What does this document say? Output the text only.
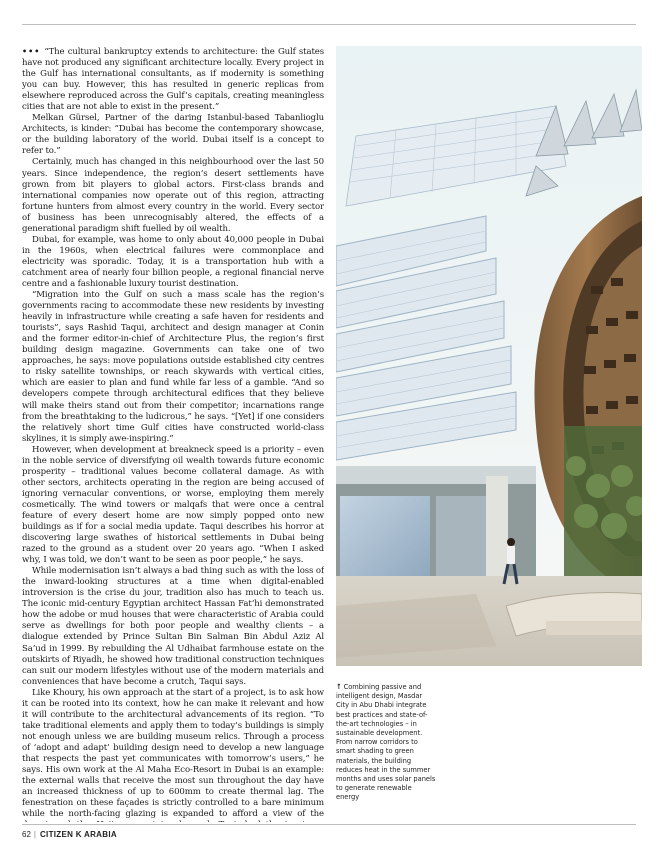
••• “The cultural bankruptcy extends to architecture: the Gulf states have not produced any significant architecture locally. Every project in the Gulf has international consultants, as if modernity is something you can buy. However, this has resulted in generic replicas from elsewhere reproduced across the Gulf’s capitals, creating meaningless cities that are not able to exist in the present.”

Melkan Gürsel, Partner of the daring Istanbul-based Tabanlioglu Architects, is kinder: “Dubai has become the contemporary showcase, or the building laboratory of the world. Dubai itself is a concept to refer to.”

Certainly, much has changed in this neighbourhood over the last 50 years. Since independence, the region’s desert settlements have grown from bit players to global actors. First-class brands and international companies now operate out of this region, attracting fortune hunters from almost every country in the world. Every sector of business has been unrecognisably altered, the effects of a generational paradigm shift fuelled by oil wealth.

Dubai, for example, was home to only about 40,000 people in Dubai in the 1960s, when electrical failures were commonplace and electricity was sporadic. Today, it is a transportation hub with a catchment area of nearly four billion people, a regional financial nerve centre and a fashionable luxury tourist destination.

“Migration into the Gulf on such a mass scale has the region’s governments racing to accommodate these new residents by investing heavily in infrastructure while creating a safe haven for residents and tourists”, says Rashid Taqui, architect and design manager at Conin and the former editor-in-chief of Architecture Plus, the region’s first building design magazine. Governments can take one of two approaches, he says: move populations outside established city centres to risky satellite townships, or reach skywards with vertical cities, which are easier to plan and fund while far less of a gamble. “And so developers compete through architectural edifices that they believe will make theirs stand out from their competitor; incarnations range from the breathtaking to the ludicrous,” he says. “[Yet] if one considers the relatively short time Gulf cities have constructed world-class skylines, it is simply awe-inspiring.”

However, when development at breakneck speed is a priority – even in the noble service of diversifying oil wealth towards future economic prosperity – traditional values become collateral damage. As with other sectors, architects operating in the region are being accused of ignoring vernacular conventions, or worse, employing them merely cosmetically. The wind towers or malqafs that were once a central feature of every desert home are now simply popped onto new buildings as if for a social media update. Taqui describes his horror at discovering large swathes of historical settlements in Dubai being razed to the ground as a student over 20 years ago. “When I asked why, I was told, we don’t want to be seen as poor people,” he says.

While modernisation isn’t always a bad thing such as with the loss of the inward-looking structures at a time when digital-enabled introversion is the crise du jour, tradition also has much to teach us. The iconic mid-century Egyptian architect Hassan Fat’hi demonstrated how the adobe or mud houses that were characteristic of Arabia could serve as dwellings for both poor people and wealthy clients – a dialogue extended by Prince Sultan Bin Salman Bin Abdul Aziz Al Sa’ud in 1999. By rebuilding the Al Udhaibat farmhouse estate on the outskirts of Riyadh, he showed how traditional construction techniques can suit our modern lifestyles without use of the modern materials and conveniences that have become a crutch, Taqui says.

Like Khoury, his own approach at the start of a project, is to ask how it can be rooted into its context, how he can make it relevant and how it will contribute to the architectural advancements of its region. “To take traditional elements and apply them to today’s buildings is simply not enough unless we are building museum relics. Through a process of ‘adopt and adapt’ building design need to develop a new language that respects the past yet communicates with tomorrow’s users,” he says. His own work at the Al Maha Eco-Resort in Dubai is an example: the external walls that receive the most sun throughout the day have an increased thickness of up to 600mm to create thermal lag. The fenestration on these façades is strictly controlled to a bare minimum while the north-facing glazing is expanded to afford a view of the

↑ Combining passive and intelligent design, Masdar City in Abu Dhabi integrate best practices and state-of-the-art technologies – in sustainable development. From narrow corridors to smart shading to green materials, the building reduces heat in the summer months and uses solar panels to generate renewable energy
62 | CITIZEN K ARABIA
